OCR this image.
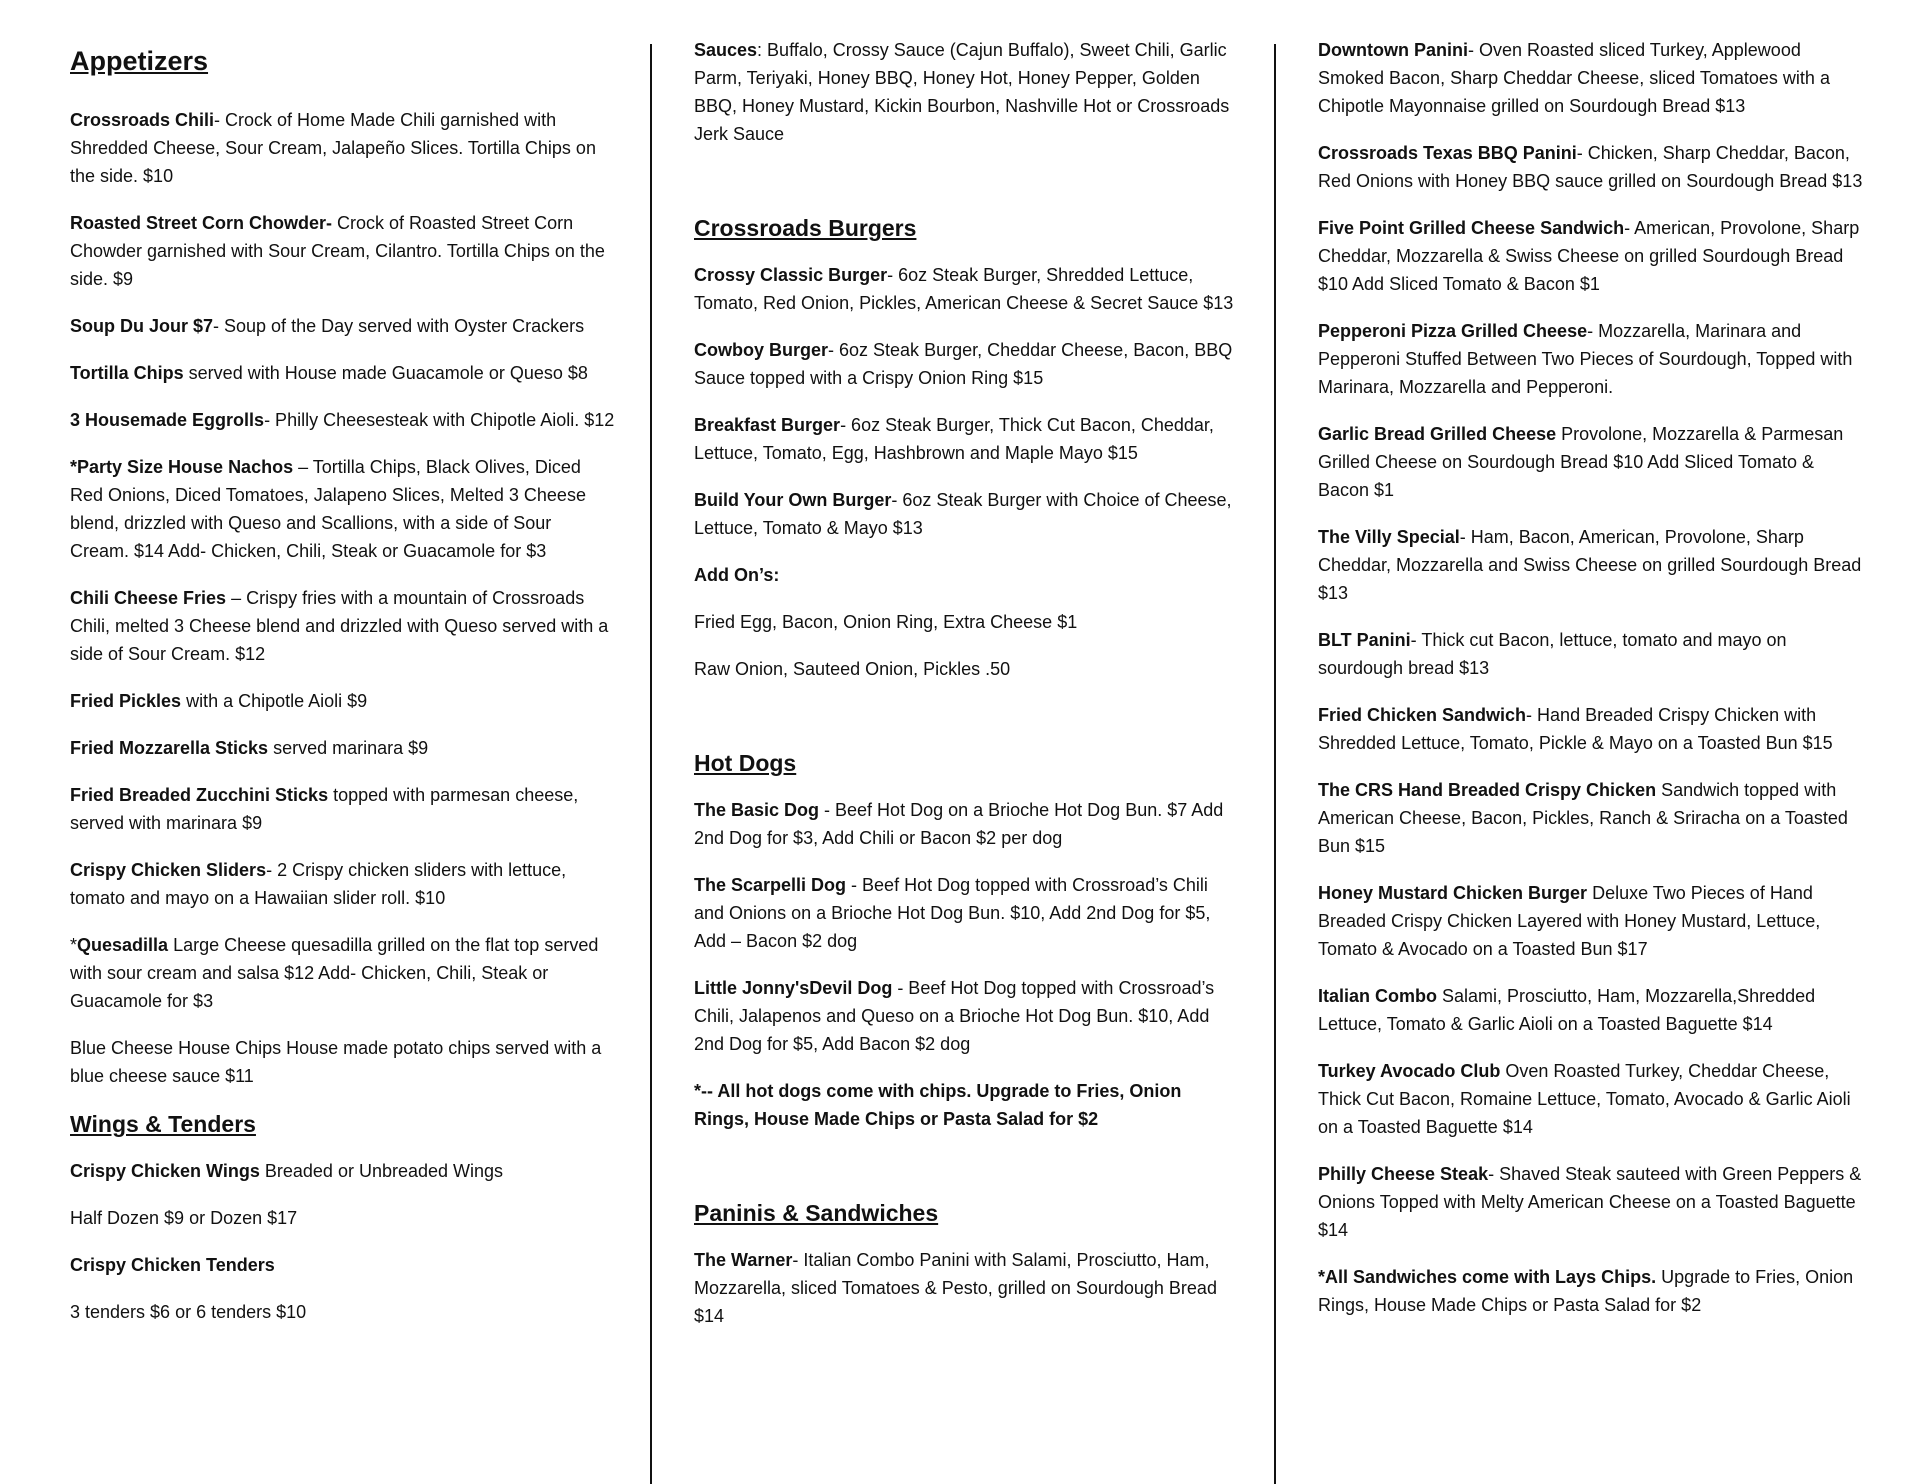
Appetizers
Crossroads Chili- Crock of Home Made Chili garnished with Shredded Cheese, Sour Cream, Jalapeño Slices. Tortilla Chips on the side. $10
Roasted Street Corn Chowder- Crock of Roasted Street Corn Chowder garnished with Sour Cream, Cilantro. Tortilla Chips on the side. $9
Soup Du Jour $7- Soup of the Day served with Oyster Crackers
Tortilla Chips served with House made Guacamole or Queso $8
3 Housemade Eggrolls- Philly Cheesesteak with Chipotle Aioli. $12
*Party Size House Nachos – Tortilla Chips, Black Olives, Diced Red Onions, Diced Tomatoes, Jalapeno Slices, Melted 3 Cheese blend, drizzled with Queso and Scallions, with a side of Sour Cream. $14 Add- Chicken, Chili, Steak or Guacamole for $3
Chili Cheese Fries – Crispy fries with a mountain of Crossroads Chili, melted 3 Cheese blend and drizzled with Queso served with a side of Sour Cream. $12
Fried Pickles with a Chipotle Aioli $9
Fried Mozzarella Sticks served marinara $9
Fried Breaded Zucchini Sticks topped with parmesan cheese, served with marinara $9
Crispy Chicken Sliders- 2 Crispy chicken sliders with lettuce, tomato and mayo on a Hawaiian slider roll. $10
*Quesadilla Large Cheese quesadilla grilled on the flat top served with sour cream and salsa $12 Add- Chicken, Chili, Steak or Guacamole for $3
Blue Cheese House Chips House made potato chips served with a blue cheese sauce $11
Wings & Tenders
Crispy Chicken Wings Breaded or Unbreaded Wings
Half Dozen $9 or Dozen $17
Crispy Chicken Tenders
3 tenders $6 or 6 tenders $10
Sauces: Buffalo, Crossy Sauce (Cajun Buffalo), Sweet Chili, Garlic Parm, Teriyaki, Honey BBQ, Honey Hot, Honey Pepper, Golden BBQ, Honey Mustard, Kickin Bourbon, Nashville Hot or Crossroads Jerk Sauce
Crossroads Burgers
Crossy Classic Burger- 6oz Steak Burger, Shredded Lettuce, Tomato, Red Onion, Pickles, American Cheese & Secret Sauce $13
Cowboy Burger- 6oz Steak Burger, Cheddar Cheese, Bacon, BBQ Sauce topped with a Crispy Onion Ring $15
Breakfast Burger- 6oz Steak Burger, Thick Cut Bacon, Cheddar, Lettuce, Tomato, Egg, Hashbrown and Maple Mayo $15
Build Your Own Burger- 6oz Steak Burger with Choice of Cheese, Lettuce, Tomato & Mayo $13
Add On’s:
Fried Egg, Bacon, Onion Ring, Extra Cheese $1
Raw Onion, Sauteed Onion, Pickles .50
Hot Dogs
The Basic Dog - Beef Hot Dog on a Brioche Hot Dog Bun. $7 Add 2nd Dog for $3, Add Chili or Bacon $2 per dog
The Scarpelli Dog - Beef Hot Dog topped with Crossroad’s Chili and Onions on a Brioche Hot Dog Bun. $10, Add 2nd Dog for $5, Add – Bacon $2 dog
Little Jonny'sDevil Dog - Beef Hot Dog topped with Crossroad’s Chili, Jalapenos and Queso on a Brioche Hot Dog Bun. $10, Add 2nd Dog for $5, Add Bacon $2 dog
*-- All hot dogs come with chips. Upgrade to Fries, Onion Rings, House Made Chips or Pasta Salad for $2
Paninis & Sandwiches
The Warner- Italian Combo Panini with Salami, Prosciutto, Ham, Mozzarella, sliced Tomatoes & Pesto, grilled on Sourdough Bread $14
Downtown Panini- Oven Roasted sliced Turkey, Applewood Smoked Bacon, Sharp Cheddar Cheese, sliced Tomatoes with a Chipotle Mayonnaise grilled on Sourdough Bread $13
Crossroads Texas BBQ Panini- Chicken, Sharp Cheddar, Bacon, Red Onions with Honey BBQ sauce grilled on Sourdough Bread $13
Five Point Grilled Cheese Sandwich- American, Provolone, Sharp Cheddar, Mozzarella & Swiss Cheese on grilled Sourdough Bread $10 Add Sliced Tomato & Bacon $1
Pepperoni Pizza Grilled Cheese- Mozzarella, Marinara and Pepperoni Stuffed Between Two Pieces of Sourdough, Topped with Marinara, Mozzarella and Pepperoni.
Garlic Bread Grilled Cheese Provolone, Mozzarella & Parmesan Grilled Cheese on Sourdough Bread $10 Add Sliced Tomato & Bacon $1
The Villy Special- Ham, Bacon, American, Provolone, Sharp Cheddar, Mozzarella and Swiss Cheese on grilled Sourdough Bread $13
BLT Panini- Thick cut Bacon, lettuce, tomato and mayo on sourdough bread $13
Fried Chicken Sandwich- Hand Breaded Crispy Chicken with Shredded Lettuce, Tomato, Pickle & Mayo on a Toasted Bun $15
The CRS Hand Breaded Crispy Chicken Sandwich topped with American Cheese, Bacon, Pickles, Ranch & Sriracha on a Toasted Bun $15
Honey Mustard Chicken Burger Deluxe Two Pieces of Hand Breaded Crispy Chicken Layered with Honey Mustard, Lettuce, Tomato & Avocado on a Toasted Bun $17
Italian Combo Salami, Prosciutto, Ham, Mozzarella,Shredded Lettuce, Tomato & Garlic Aioli on a Toasted Baguette $14
Turkey Avocado Club Oven Roasted Turkey, Cheddar Cheese, Thick Cut Bacon, Romaine Lettuce, Tomato, Avocado & Garlic Aioli on a Toasted Baguette $14
Philly Cheese Steak- Shaved Steak sauteed with Green Peppers & Onions Topped with Melty American Cheese on a Toasted Baguette $14
*All Sandwiches come with Lays Chips. Upgrade to Fries, Onion Rings, House Made Chips or Pasta Salad for $2
